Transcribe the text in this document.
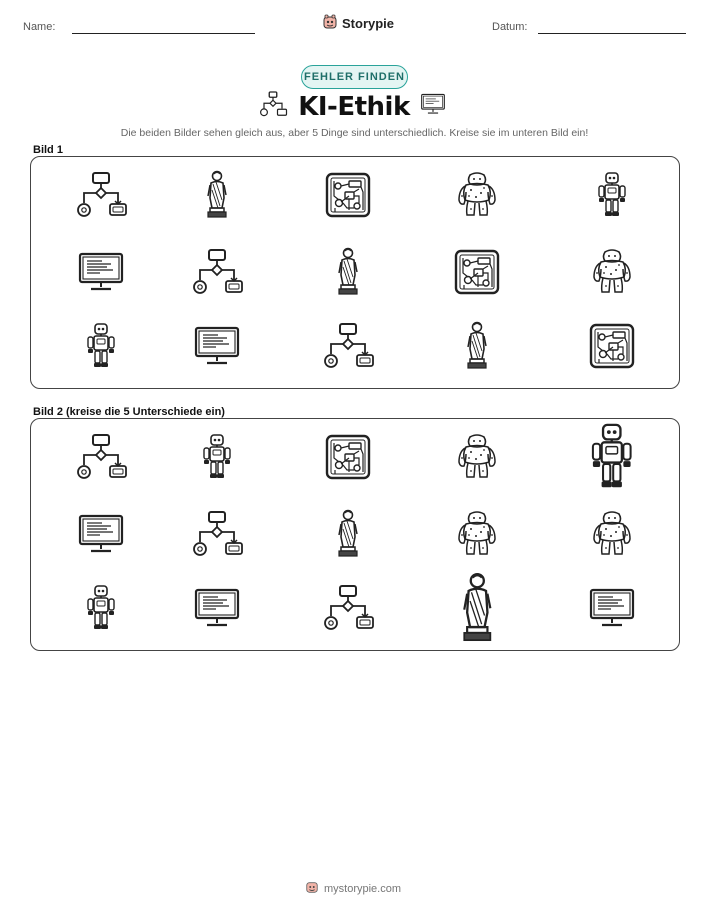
Name:	Storypie	Datum:
FEHLER FINDEN
KI-Ethik
Die beiden Bilder sehen gleich aus, aber 5 Dinge sind unterschiedlich. Kreise sie im unteren Bild ein!
Bild 1
Bild 2 (kreise die 5 Unterschiede ein)
mystorypie.com
